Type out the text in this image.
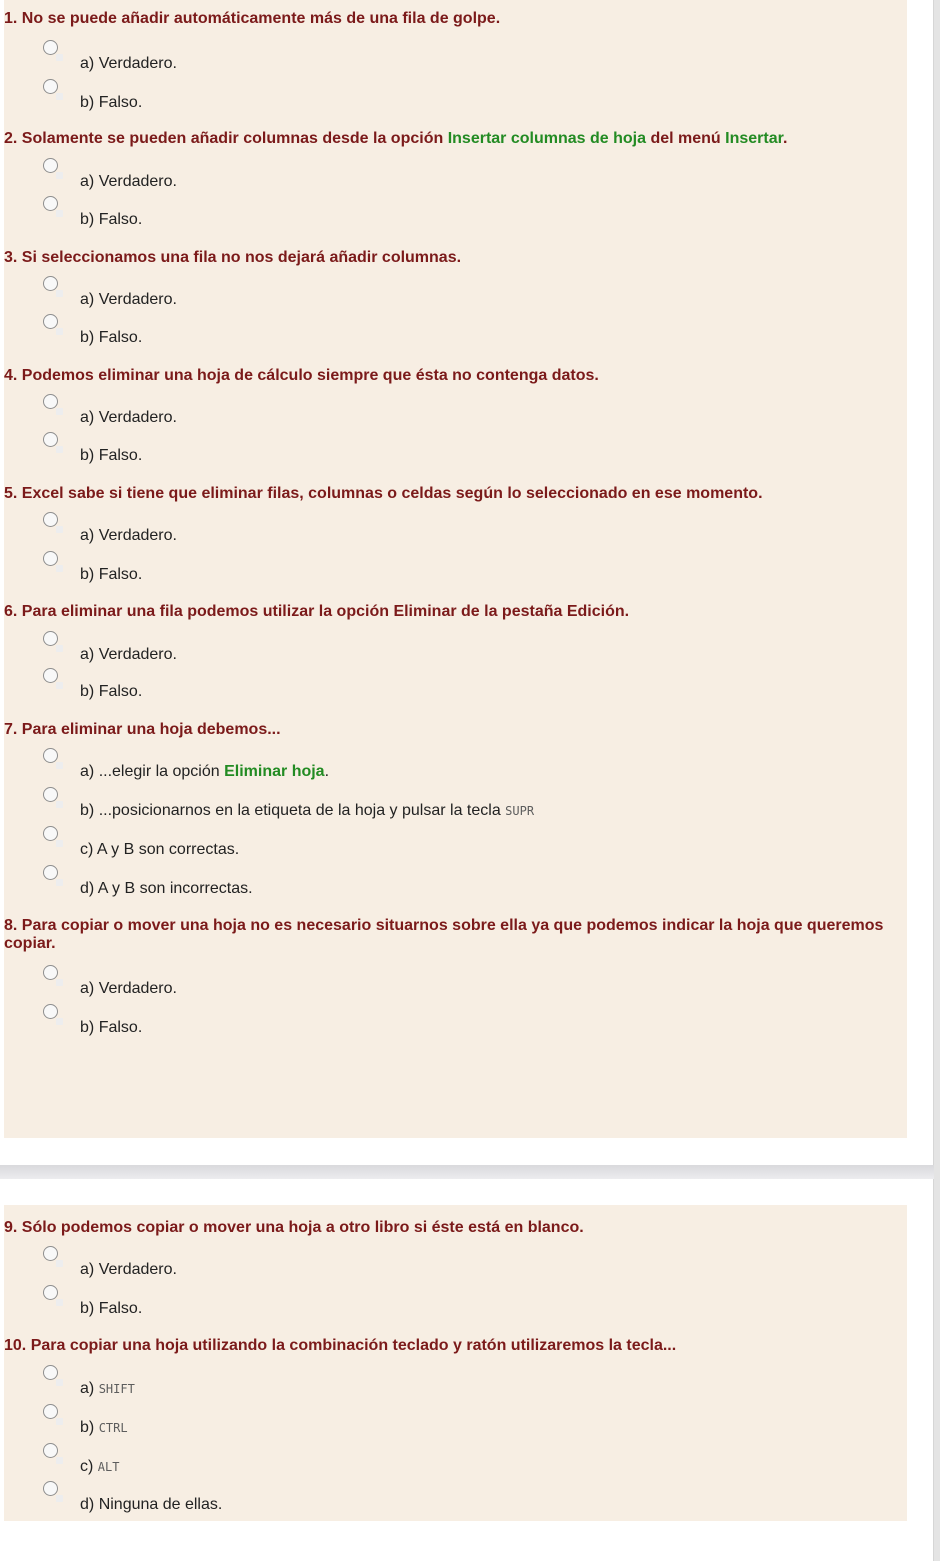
1. No se puede añadir automáticamente más de una fila de golpe.

a) Verdadero.
b) Falso.

2. Solamente se pueden añadir columnas desde la opción Insertar columnas de hoja del menú Insertar.

a) Verdadero.
b) Falso.

3. Si seleccionamos una fila no nos dejará añadir columnas.

a) Verdadero.
b) Falso.

4. Podemos eliminar una hoja de cálculo siempre que ésta no contenga datos.

a) Verdadero.
b) Falso.

5. Excel sabe si tiene que eliminar filas, columnas o celdas según lo seleccionado en ese momento.

a) Verdadero.
b) Falso.

6. Para eliminar una fila podemos utilizar la opción Eliminar de la pestaña Edición.

a) Verdadero.
b) Falso.

7. Para eliminar una hoja debemos...

a) ...elegir la opción Eliminar hoja.
b) ...posicionarnos en la etiqueta de la hoja y pulsar la tecla SUPR
c) A y B son correctas.
d) A y B son incorrectas.

8. Para copiar o mover una hoja no es necesario situarnos sobre ella ya que podemos indicar la hoja que queremos copiar.

a) Verdadero.
b) Falso.

9. Sólo podemos copiar o mover una hoja a otro libro si éste está en blanco.

a) Verdadero.
b) Falso.

10. Para copiar una hoja utilizando la combinación teclado y ratón utilizaremos la tecla...

a) SHIFT
b) CTRL
c) ALT
d) Ninguna de ellas.
